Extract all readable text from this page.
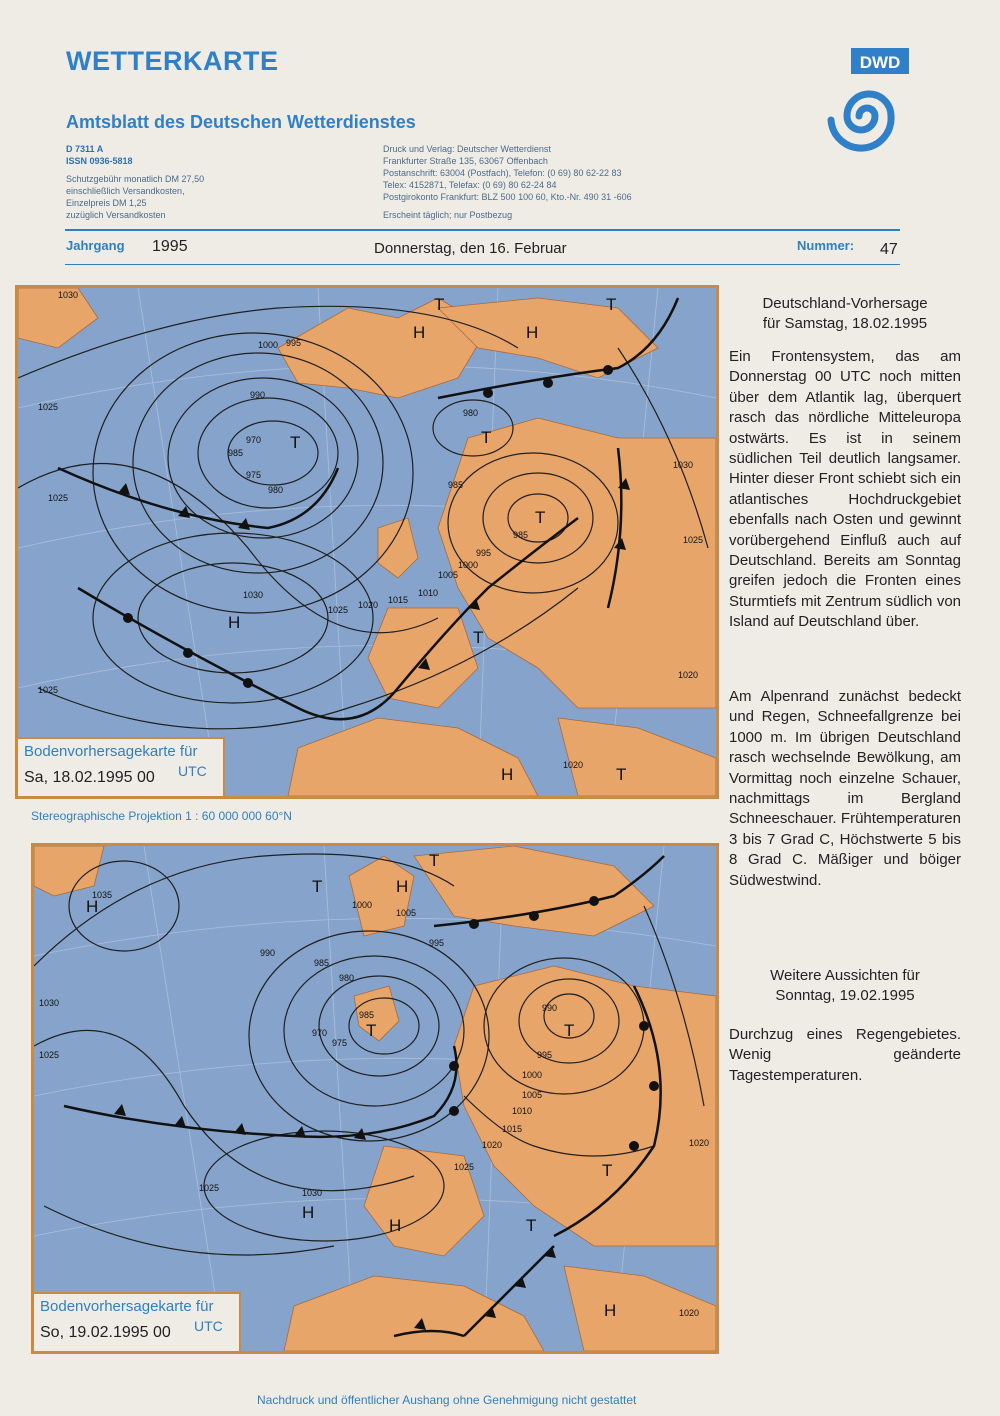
WETTERKARTE
Amtsblatt des Deutschen Wetterdienstes
D 7311 A
ISSN 0936-5818
Schutzgebühr monatlich DM 27,50
einschließlich Versandkosten,
Einzelpreis DM 1,25
zuzüglich Versandkosten
Druck und Verlag: Deutscher Wetterdienst
Frankfurter Straße 135, 63067 Offenbach
Postanschrift: 63004 (Postfach), Telefon: (0 69) 80 62-22 83
Telex: 4152871, Telefax: (0 69) 80 62-24 84
Postgirokonto Frankfurt: BLZ 500 100 60, Kto.-Nr. 490 31 -606
Erscheint täglich; nur Postbezug
DWD
Jahrgang 1995	Donnerstag, den 16. Februar	Nummer: 47
1030
1025
1000 995
990
985
980
975
970
1025
1030
1025 1020 1015
1010
1005
1000
995
985
980
985
1030
1025
1020
1025
1020
T
H	H
T	T
T
H
T
T
H	T
Bodenvorhersagekarte für
Sa, 18.02.1995 00 UTC
Stereographische Projektion 1 : 60 000 000 60°N
1035
1030
1025
1000
1005
995
990
985
980
985
970
975
1025	1030
990
995
1000
1005
1010
1015
1020
1025
1020
1020
H
T	H
T
T
H
H
T
T
H
T
Bodenvorhersagekarte für
So, 19.02.1995 00 UTC
Deutschland-Vorhersage
für Samstag, 18.02.1995
Ein Frontensystem, das am Donnerstag 00 UTC noch mitten über dem Atlantik lag, überquert rasch das nördliche Mitteleuropa ostwärts. Es ist in seinem südlichen Teil deutlich langsamer. Hinter dieser Front schiebt sich ein atlantisches Hochdruckgebiet ebenfalls nach Osten und gewinnt vorübergehend Einfluß auch auf Deutschland. Bereits am Sonntag greifen jedoch die Fronten eines Sturmtiefs mit Zentrum südlich von Island auf Deutschland über.
Am Alpenrand zunächst bedeckt und Regen, Schneefallgrenze bei 1000 m. Im übrigen Deutschland rasch wechselnde Bewölkung, am Vormittag noch einzelne Schauer, nachmittags im Bergland Schneeschauer. Frühtemperaturen 3 bis 7 Grad C, Höchstwerte 5 bis 8 Grad C. Mäßiger und böiger Südwestwind.
Weitere Aussichten für
Sonntag, 19.02.1995
Durchzug eines Regengebietes. Wenig geänderte Tagestemperaturen.
Nachdruck und öffentlicher Aushang ohne Genehmigung nicht gestattet
